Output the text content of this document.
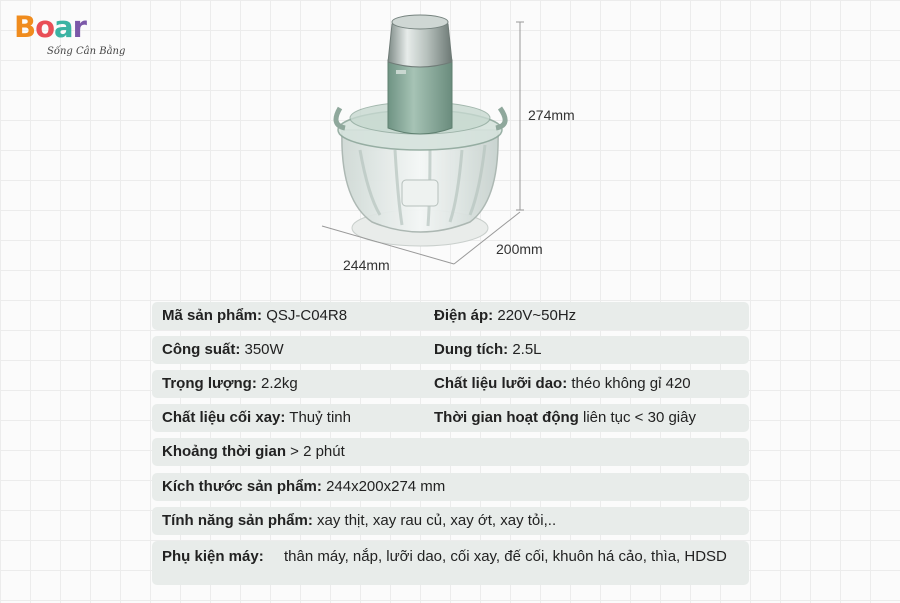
Boar
Sống Cân Bằng
274mm
200mm
244mm
Mã sản phẩm: QSJ-C04R8	Điện áp: 220V~50Hz
Công suất: 350W	Dung tích: 2.5L
Trọng lượng: 2.2kg	Chất liệu lưỡi dao: théo không gỉ 420
Chất liệu cối xay: Thuỷ tinh	Thời gian hoạt động liên tục < 30 giây
Khoảng thời gian > 2 phút
Kích thước sản phẩm: 244x200x274 mm
Tính năng sản phẩm: xay thịt, xay rau củ, xay ớt, xay tỏi,..
Phụ kiện máy:	thân máy, nắp, lưỡi dao, cối xay, đế cối, khuôn há cảo, thìa, HDSD
